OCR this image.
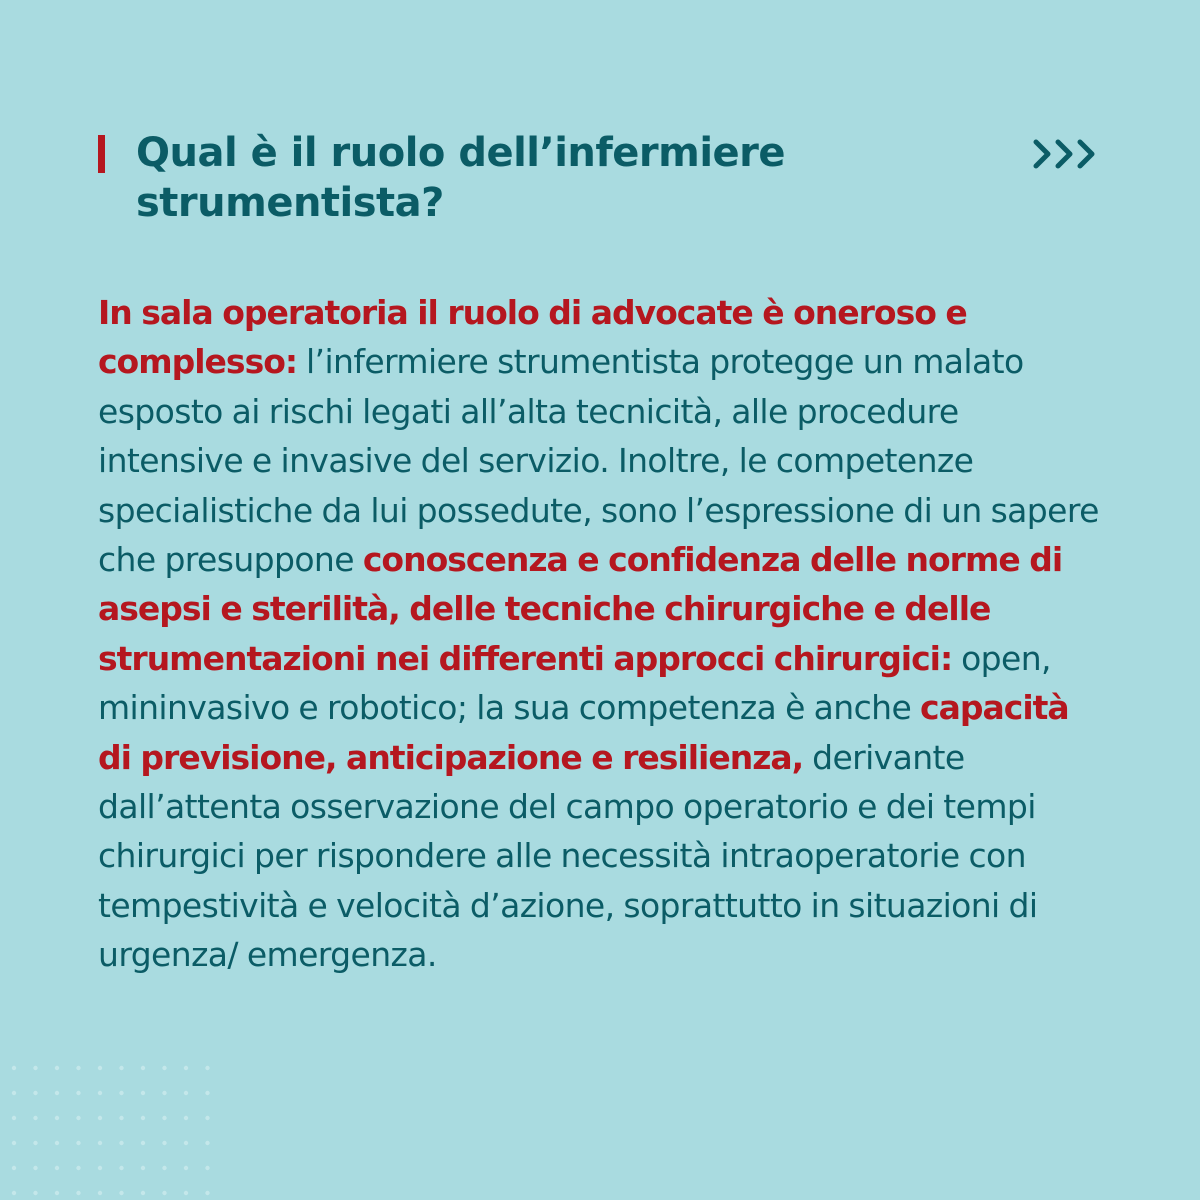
Qual è il ruolo dell’infermiere strumentista?

In sala operatoria il ruolo di advocate è oneroso e complesso: l’infermiere strumentista protegge un malato esposto ai rischi legati all’alta tecnicità, alle procedure intensive e invasive del servizio. Inoltre, le competenze specialistiche da lui possedute, sono l’espressione di un sapere che presuppone conoscenza e confidenza delle norme di asepsi e sterilità, delle tecniche chirurgiche e delle strumentazioni nei differenti approcci chirurgici: open, mininvasivo e robotico; la sua competenza è anche capacità di previsione, anticipazione e resilienza, derivante dall’attenta osservazione del campo operatorio e dei tempi chirurgici per rispondere alle necessità intraoperatorie con tempestività e velocità d’azione, soprattutto in situazioni di urgenza/ emergenza.
